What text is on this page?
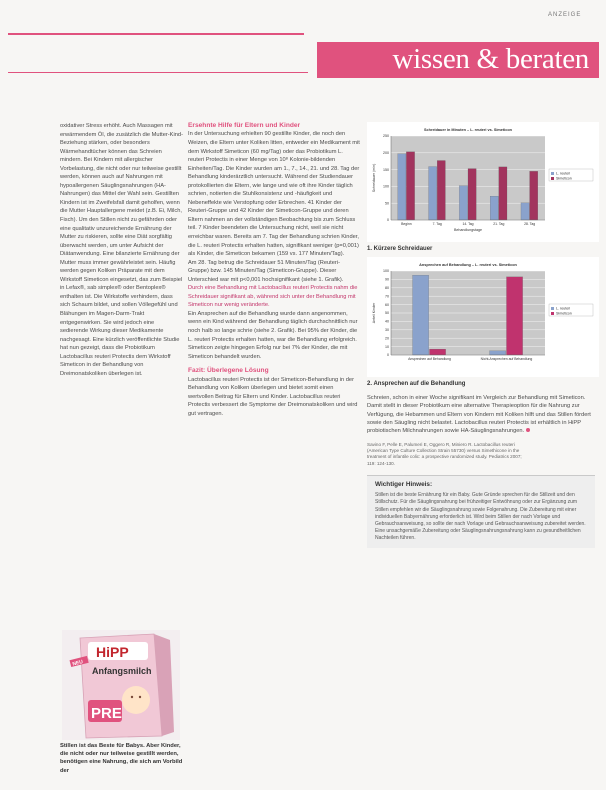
ANZEIGE
wissen & beraten

oxidativer Stress erhöht. Auch Massagen mit erwärmendem Öl, die zusätzlich die Mutter-Kind-Beziehung stärken, oder besonders Wärmehandtücher können das Schreien mindern. Bei Kindern mit allergischer Vorbelastung, die nicht oder nur teilweise gestillt werden, können auch auf Nahrungen mit hypoallergenen Säuglingsnahrungen (HA-Nahrungen) das Mittel der Wahl sein. Gestillten Kindern ist im Zweifelsfall damit geholfen, wenn die Mutter Hauptallergene meidet (z.B. Ei, Milch, Fisch). Um den Stillen nicht zu gefährden oder eine qualitativ unzureichende Ernährung der Mutter zu riskieren, sollte eine Diät sorgfältig überwacht werden, um unter Aufsicht der Diätanwendung. Eine bilanzierte Ernährung der Mutter muss immer gewährleistet sein. Häufig werden gegen Koliken Präparate mit dem Wirkstoff Simeticon eingesetzt, das zum Beispiel in Lefax®, sab simplex® oder Bentoplex® enthalten ist. Die Wirkstoffe verhindern, dass sich Schaum bildet, und sollen Völlegefühl und Blähungen im Magen-Darm-Trakt entgegenwirken. Sie wird jedoch eine sedierende Wirkung dieser Medikamente nachgesagt. Eine kürzlich veröffentlichte Studie hat nun gezeigt, dass die Probiotikum Lactobacillus reuteri Protectis dem Wirkstoff Simeticon in der Behandlung von Dreimonatskoliken überlegen ist.

NEU
HiPP
Anfangsmilch
PRE
Stillen ist das Beste für Babys. Aber Kinder, die nicht oder nur teilweise gestillt werden, benötigen eine Nahrung, die sich am Vorbild der

Ersehnte Hilfe für Eltern und Kinder

In der Untersuchung erhielten 90 gestillte Kinder, die noch den Weizen, die Eltern unter Koliken litten, entweder ein Medikament mit dem Wirkstoff Simeticon (60 mg/Tag) oder das Probiotikum L. reuteri Protectis in einer Menge von 10⁸ Kolonie-bildenden Einheiten/Tag. Die Kinder wurden am 1., 7., 14., 21. und 28. Tag der Behandlung kinderärztlich untersucht. Während der Studiendauer protokollierten die Eltern, wie lange und wie oft ihre Kinder täglich schrien, notierten die Stuhlkonsistenz und -häufigkeit und Nebeneffekte wie Verstopfung oder Erbrechen. 41 Kinder der Reuteri-Gruppe und 42 Kinder der Simeticon-Gruppe und deren Eltern nahmen an der vollständigen Beobachtung bis zum Schluss teil. 7 Kinder beendeten die Untersuchung nicht, weil sie nicht erreichbar waren. Bereits am 7. Tag der Behandlung schrien Kinder, die L. reuteri Protectis erhalten hatten, signifikant weniger (p=0,001) als Kinder, die Simeticon bekamen (159 vs. 177 Minuten/Tag).

Am 28. Tag betrug die Schreidauer 51 Minuten/Tag (Reuteri-Gruppe) bzw. 145 Minuten/Tag (Simeticon-Gruppe). Dieser Unterschied war mit p<0,001 hochsignifikant (siehe 1. Grafik).

Durch eine Behandlung mit Lactobacillus reuteri Protectis nahm die Schreidauer signifikant ab, während sich unter der Behandlung mit Simeticon nur wenig veränderte.

Ein Ansprechen auf die Behandlung wurde dann angenommen, wenn ein Kind während der Behandlung täglich durchschnittlich nur noch halb so lange schrie (siehe 2. Grafik). Bei 95% der Kinder, die L. reuteri Protectis erhalten hatten, war die Behandlung erfolgreich. Simeticon zeigte hingegen Erfolg nur bei 7% der Kinder, die mit Simeticon behandelt wurden.

Fazit: Überlegene Lösung

Lactobacillus reuteri Protectis ist der Simeticon-Behandlung in der Behandlung von Koliken überlegen und bietet somit einen wertvollen Beitrag für Eltern und Kinder. Lactobacillus reuteri Protectis verbessert die Symptome der Dreimonatskoliken und wird gut vertragen.

Schreidauer in Minuten – L. reuteri vs. Simeticon
0
50
100
150
200
250
Schreidauer (min)
Beginn	7. Tag	14. Tag	21. Tag	28. Tag
Behandlungstage
L. reuteri
Simeticon
1. Kürzere Schreidauer
Ansprechen auf Behandlung – L. reuteri vs. Simeticon
0
10
20
30
40
50
60
70
80
90
100
Anteil Kinder
Ansprechen auf Behandlung	Nicht-Ansprechen auf Behandlung
L. reuteri
Simeticon
2. Ansprechen auf die Behandlung

Schreien, schon in einer Woche signifikant im Vergleich zur Behandlung mit Simeticon. Damit stellt in dieser Probiotikum eine alternative Therapieoption für die Nahrung zur Verfügung, die Hebammen und Eltern von Kindern mit Koliken hilft und das Stillen fördert sowie den Säugling nicht belastet. Lactobacillus reuteri Protectis ist erhältlich in HiPP probiotischen Milchnahrungen sowie HA-Säuglingsnahrungen.

Savino F, Pelle E, Palumeri E, Oggero R, Miniero R. Lactobacillus reuteri (American Type Culture Collection Strain 55730) versus Simethicone in the treatment of infantile colic: a prospective randomized study. Pediatrics 2007; 119: 124-130.
Wichtiger Hinweis:
Stillen ist die beste Ernährung für ein Baby. Gute Gründe sprechen für die Stillzeit und den Stillschutz. Für die Säuglingsnahrung bei frühzeitiger Entwöhnung oder zur Ergänzung zum Stillen empfehlen wir die Säuglingsnahrung sowie Folgenahrung. Die Zubereitung mit einer individuellen Babyernährung erforderlich ist. Wird beim Stillen der nach Vorlage und Gebrauchsanweisung, so sollte der nach Vorlage und Gebrauchsanweisung zubereitet werden. Eine unsachgemäße Zubereitung oder Säuglingsnahrungsnahrung kann zu gesundheitlichen Nachteilen führen.
